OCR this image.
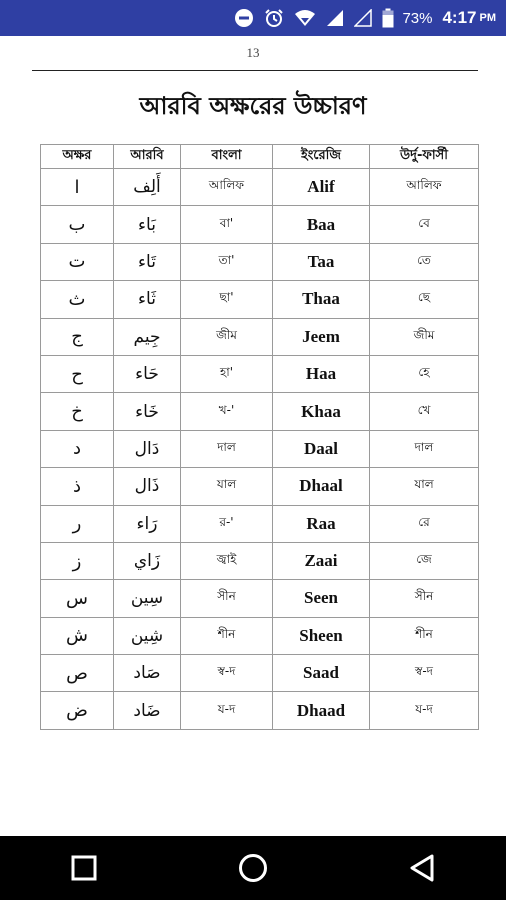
73% 4:17 PM
13
আরবি অক্ষরের উচ্চারণ
অক্ষর	আরবি	বাংলা	ইংরেজি	উর্দু-ফার্সী
ا	أَلِف	আলিফ	Alif	আলিফ
ب	بَاء	বা'	Baa	বে
ت	تَاء	তা'	Taa	তে
ث	ثَاء	ছা'	Thaa	ছে
ج	جِيم	জীম	Jeem	জীম
ح	حَاء	হা'	Haa	হে
خ	خَاء	খ-'	Khaa	খে
د	دَال	দাল	Daal	দাল
ذ	ذَال	যাল	Dhaal	যাল
ر	رَاء	র-'	Raa	রে
ز	زَاي	জ্বাই	Zaai	জে
س	سِين	সীন	Seen	সীন
ش	شِين	শীন	Sheen	শীন
ص	صَاد	স্ব-দ	Saad	স্ব-দ
ض	ضَاد	য-দ	Dhaad	য-দ
